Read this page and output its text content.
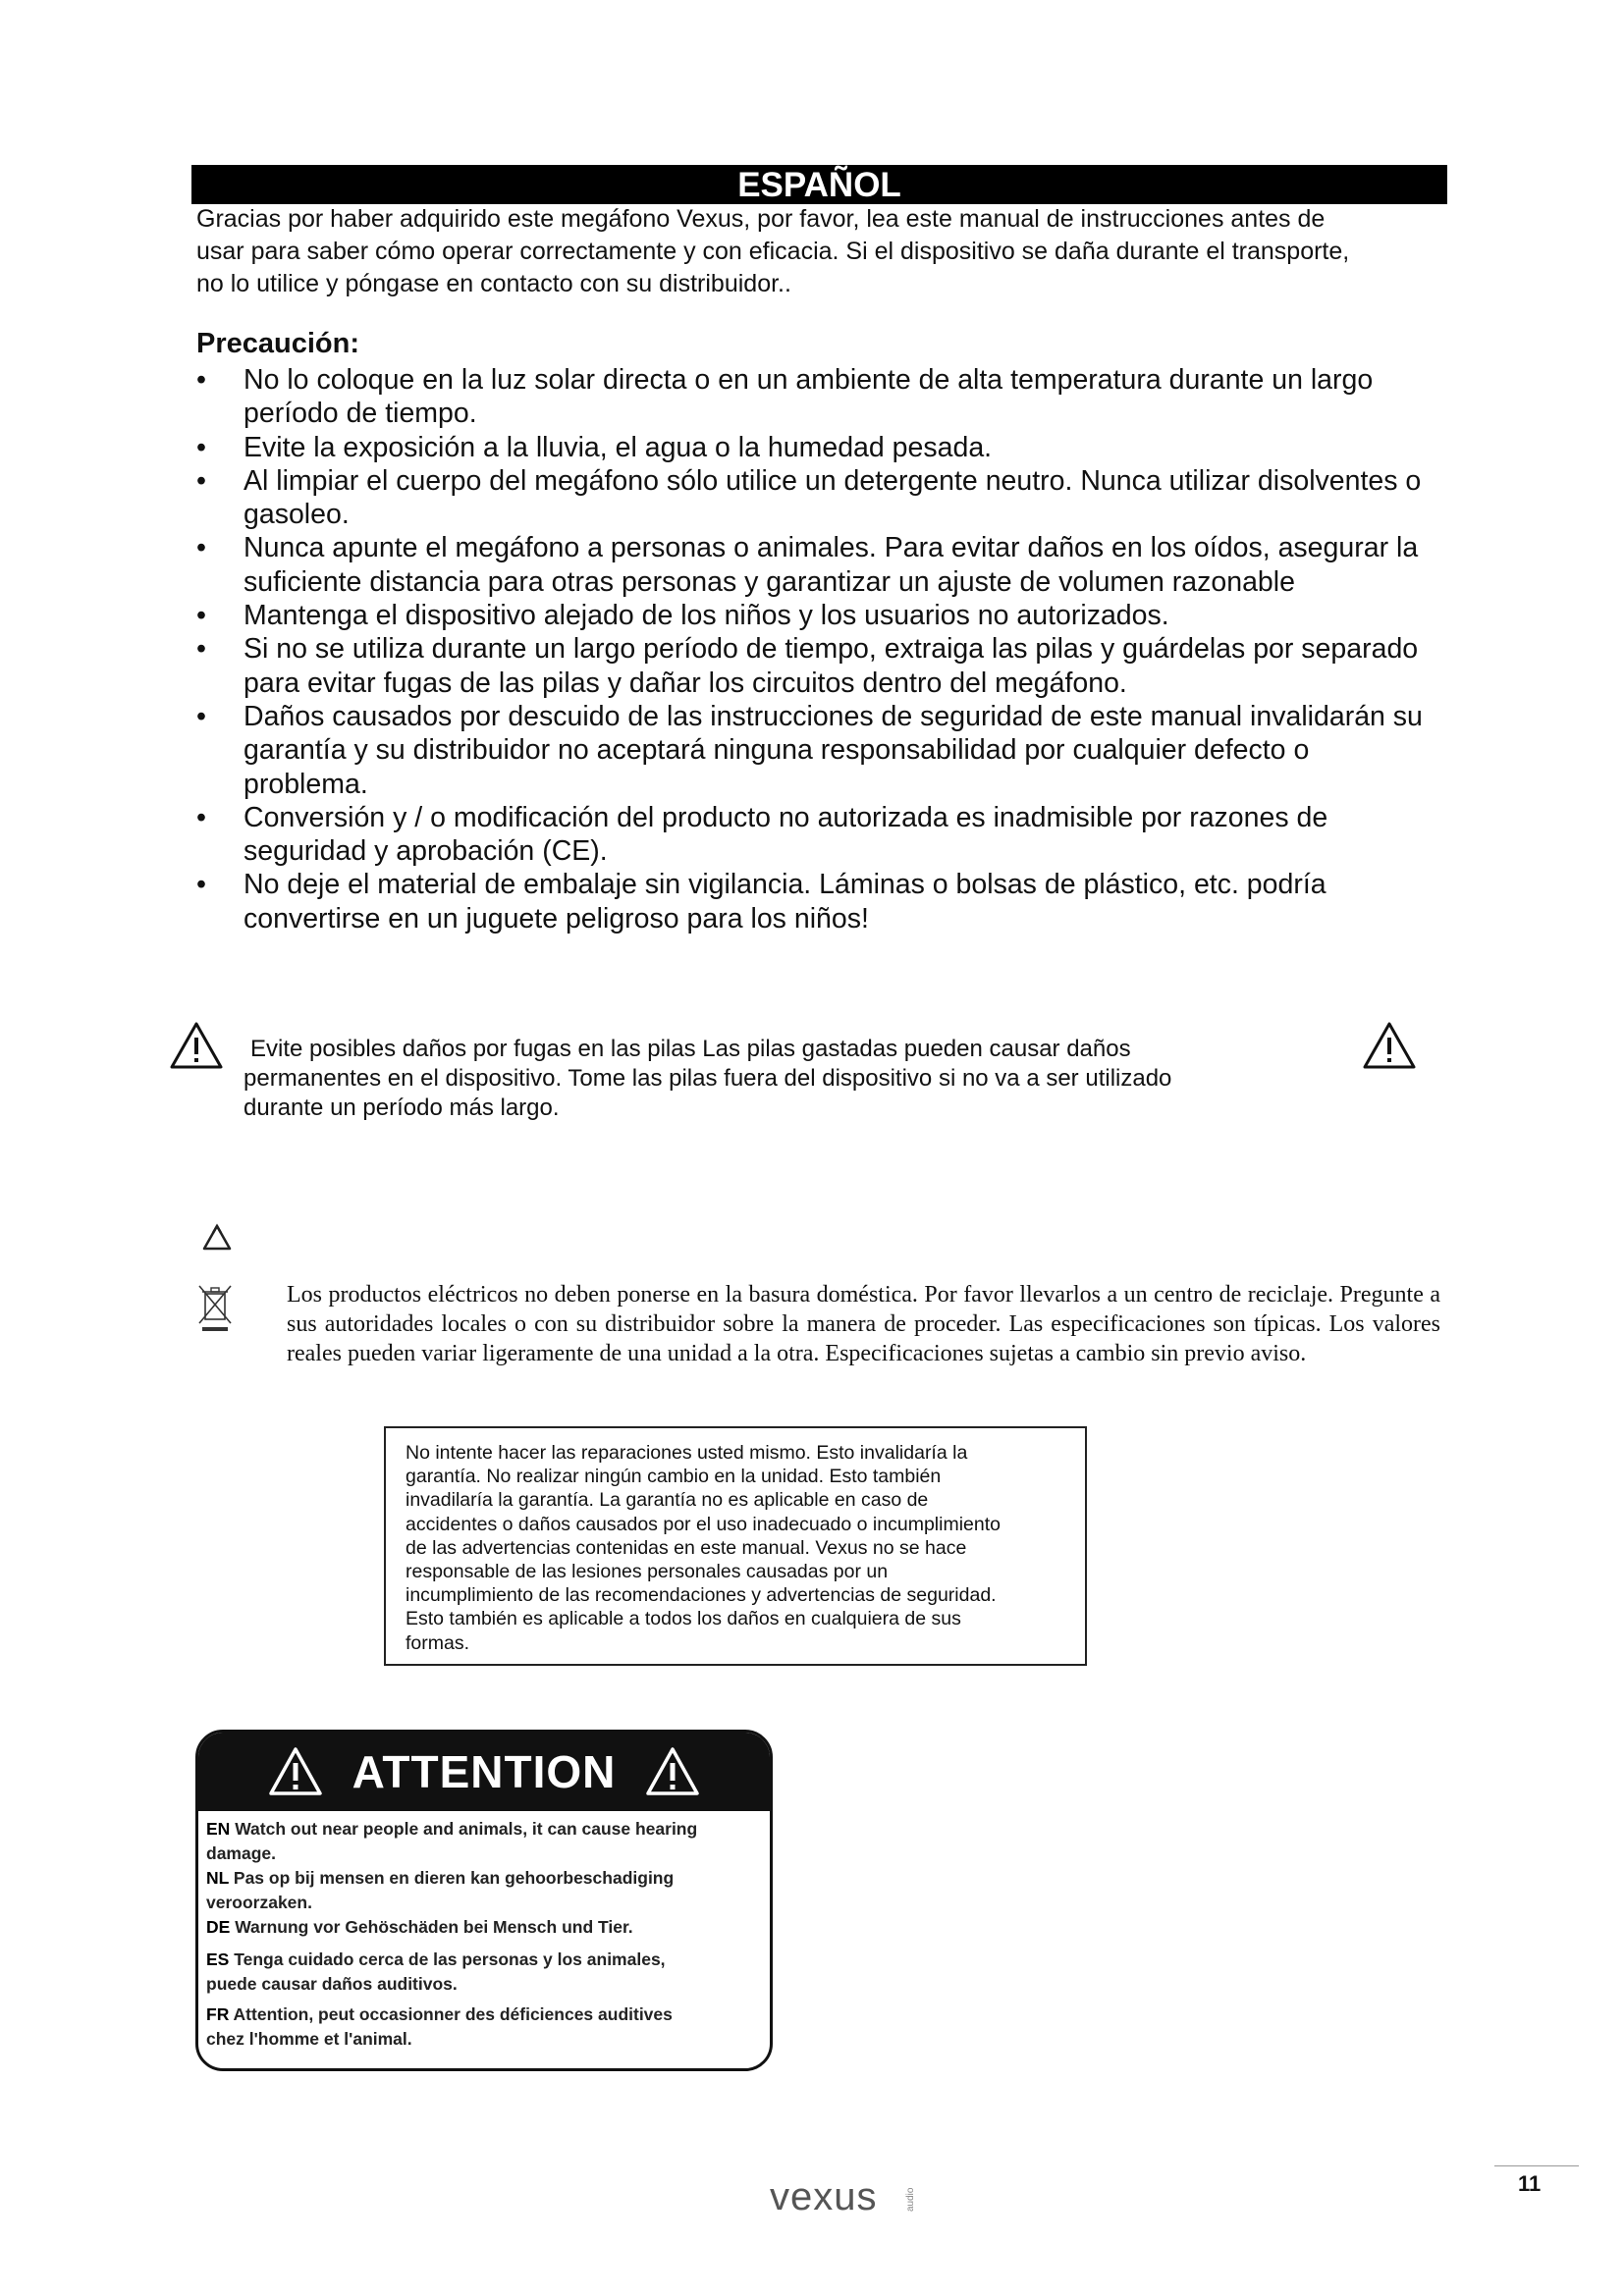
ESPAÑOL
Gracias por haber adquirido este megáfono Vexus, por favor, lea este manual de instrucciones antes de
usar para saber cómo operar correctamente y con eficacia. Si el dispositivo se daña durante el transporte,
no lo utilice y póngase en contacto con su distribuidor..
Precaución:
•	No lo coloque en la luz solar directa o en un ambiente de alta temperatura durante un largo
período de tiempo.
•	Evite la exposición a la lluvia, el agua o la humedad pesada.
• Al limpiar el cuerpo del megáfono sólo utilice un detergente neutro. Nunca utilizar disolventes o
gasoleo.
•	Nunca apunte el megáfono a personas o animales. Para evitar daños en los oídos, asegurar la
suficiente distancia para otras personas y garantizar un ajuste de volumen razonable
•	Mantenga el dispositivo alejado de los niños y los usuarios no autorizados.
• Si no se utiliza durante un largo período de tiempo, extraiga las pilas y guárdelas por separado
para evitar fugas de las pilas y dañar los circuitos dentro del megáfono.
•	Daños causados por descuido de las instrucciones de seguridad de este manual invalidarán su
garantía y su distribuidor no aceptará ninguna responsabilidad por cualquier defecto o
problema.
•	Conversión y / o modificación del producto no autorizada es inadmisible por razones de
seguridad y aprobación (CE).
•	No deje el material de embalaje sin vigilancia. Láminas o bolsas de plástico, etc. podría
convertirse en un juguete peligroso para los niños!
Evite posibles daños por fugas en las pilas Las pilas gastadas pueden causar daños
permanentes en el dispositivo. Tome las pilas fuera del dispositivo si no va a ser utilizado
durante un período más largo.
Los productos eléctricos no deben ponerse en la basura doméstica. Por favor llevarlos a un centro de reciclaje. Pregunte a sus autoridades locales o con su distribuidor sobre la manera de proceder. Las especificaciones son típicas. Los valores reales pueden variar ligeramente de una unidad a la otra. Especificaciones sujetas a cambio sin previo aviso.
No intente hacer las reparaciones usted mismo. Esto invalidaría la
garantía. No realizar ningún cambio en la unidad. Esto también
invadilaría la garantía. La garantía no es aplicable en caso de
accidentes o daños causados por el uso inadecuado o incumplimiento
de las advertencias contenidas en este manual. Vexus no se hace
responsable de las lesiones personales causadas por un
incumplimiento de las recomendaciones y advertencias de seguridad.
Esto también es aplicable a todos los daños en cualquiera de sus
formas.
ATTENTION
EN Watch out near people and animals, it can cause hearing
damage.
NL Pas op bij mensen en dieren kan gehoorbeschadiging
veroorzaken.
DE Warnung vor Gehöschäden bei Mensch und Tier.
ES Tenga cuidado cerca de las personas y los animales,
puede causar daños auditivos.
FR Attention, peut occasionner des déficiences auditives
chez l'homme et l'animal.
vexus	audio
11
